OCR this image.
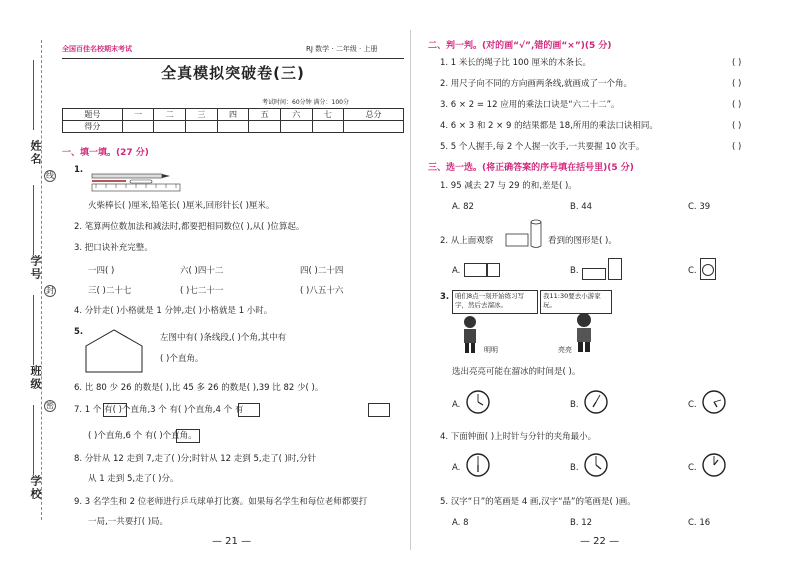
姓名
学号
班级
学校
线
封
密
全国百佳名校期末考试	RJ 数学 · 二年级 · 上册
全真模拟突破卷(三)
考试时间：60分钟 满分：100分
题号	一	二	三	四	五	六	七	总分
得分								
一、填一填。(27 分)
1.
火柴棒长( )厘米,铅笔长( )厘米,回形针长( )厘米。
2. 笔算两位数加法和减法时,都要把相同数位( ),从( )位算起。
3. 把口诀补充完整。
一四( )	六( )四十二	四( )二十四
三( )二十七	( )七二十一	( )八五十六
4. 分针走( )小格就是 1 分钟,走( )小格就是 1 小时。
5.
左图中有( )条线段,( )个角,其中有
( )个直角。
6. 比 80 少 26 的数是( ),比 45 多 26 的数是( ),39 比 82 少( )。
7. 1 个 有( )个直角,3 个 有( )个直角,4 个 有
( )个直角,6 个 有( )个直角。
8. 分针从 12 走到 7,走了( )分;时针从 12 走到 5,走了( )时,分针
从 1 走到 5,走了( )分。
9. 3 名学生和 2 位老师进行乒乓球单打比赛。如果每名学生和每位老师都要打
一局,一共要打( )局。
— 21 —
二、判一判。(对的画“√”,错的画“×”)(5 分)
1. 1 米长的绳子比 100 厘米的木条长。	( )
2. 用尺子向不同的方向画两条线,就画成了一个角。	( )
3. 6 × 2 = 12 应用的乘法口诀是“六二十二”。	( )
4. 6 × 3 和 2 × 9 的结果都是 18,所用的乘法口诀相同。	( )
5. 5 个人握手,每 2 个人握一次手,一共要握 10 次手。	( )
三、选一选。(将正确答案的序号填在括号里)(5 分)
1. 95 减去 27 与 29 的和,差是( )。
A. 82	B. 44	C. 39
2. 从上面观察	看到的图形是( )。
A.	B.	C.
3. 咱们8点一刻开始练习写字，然后去溜冰。
我11:30要去小游家玩。
明明	亮亮
选出亮亮可能在溜冰的时间是( )。
A.	B.	C.
4. 下面钟面( )上时针与分针的夹角最小。
A.	B.	C.
5. 汉字“日”的笔画是 4 画,汉字“晶”的笔画是( )画。
A. 8	B. 12	C. 16
— 22 —
